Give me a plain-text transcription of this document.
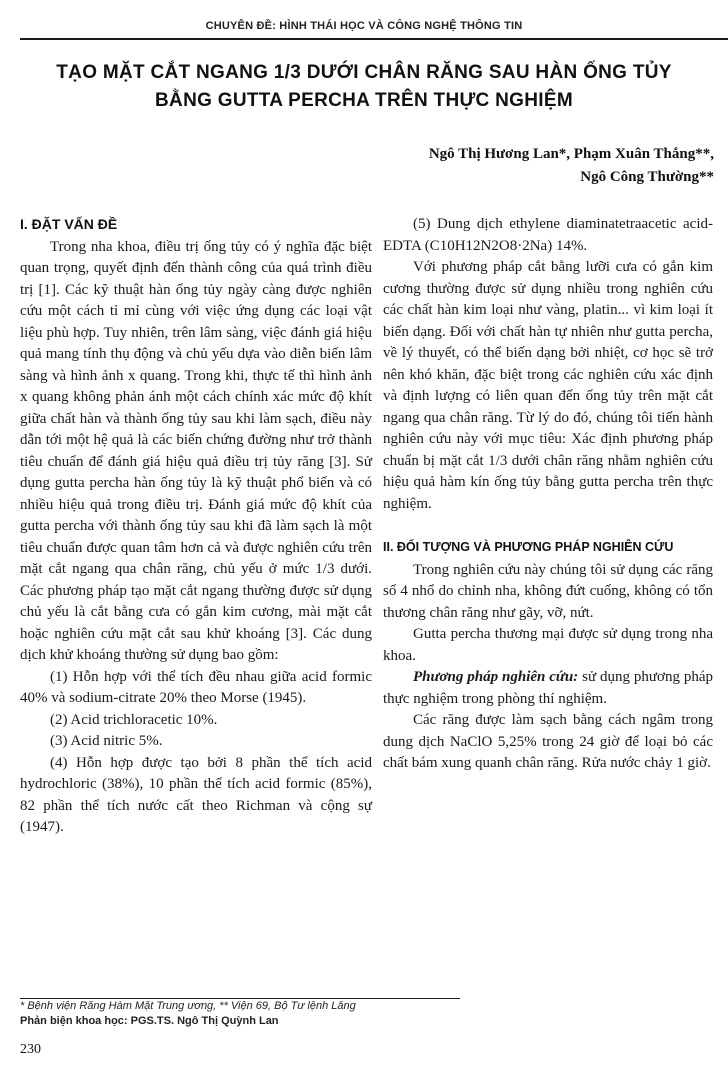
CHUYÊN ĐỀ: HÌNH THÁI HỌC VÀ CÔNG NGHỆ THÔNG TIN
TẠO MẶT CẮT NGANG 1/3 DƯỚI CHÂN RĂNG SAU HÀN ỐNG TỦY
BẰNG GUTTA PERCHA TRÊN THỰC NGHIỆM
Ngô Thị Hương Lan*, Phạm Xuân Thắng**,
Ngô Công Thường**
I. ĐẶT VẤN ĐỀ

Trong nha khoa, điều trị ống tủy có ý nghĩa đặc biệt quan trọng, quyết định đến thành công của quá trình điều trị [1]. Các kỹ thuật hàn ống tủy ngày càng được nghiên cứu một cách tỉ mỉ cùng với việc ứng dụng các loại vật liệu phù hợp. Tuy nhiên, trên lâm sàng, việc đánh giá hiệu quả mang tính thụ động và chủ yếu dựa vào diễn biến lâm sàng và hình ảnh x quang. Trong khi, thực tế thì hình ảnh x quang không phản ánh một cách chính xác mức độ khít giữa chất hàn và thành ống tủy sau khi làm sạch, điều này dẫn tới một hệ quả là các biến chứng đường như trở thành tiêu chuẩn để đánh giá hiệu quả điều trị tủy răng [3]. Sử dụng gutta percha hàn ống tủy là kỹ thuật phổ biến và có nhiều hiệu quả trong điều trị. Đánh giá mức độ khít của gutta percha với thành ống tủy sau khi đã làm sạch là một tiêu chuẩn được quan tâm hơn cả và được nghiên cứu trên mặt cắt ngang qua chân răng, chủ yếu ở mức 1/3 dưới. Các phương pháp tạo mặt cắt ngang thường được sử dụng chủ yếu là cắt bằng cưa có gắn kim cương, mài mặt cắt hoặc nghiên cứu mặt cắt sau khử khoáng [3]. Các dung dịch khử khoáng thường sử dụng bao gồm:

(1) Hỗn hợp với thể tích đều nhau giữa acid formic 40% và sodium-citrate 20% theo Morse (1945).

(2) Acid trichloracetic 10%.

(3) Acid nitric 5%.

(4) Hỗn hợp được tạo bởi 8 phần thể tích acid hydrochloric (38%), 10 phần thể tích acid formic (85%), 82 phần thể tích nước cất theo Richman và cộng sự (1947).

(5) Dung dịch ethylene diaminatetraacetic acid-EDTA (C10H12N2O8·2Na) 14%.

Với phương pháp cắt bằng lưỡi cưa có gắn kim cương thường được sử dụng nhiều trong nghiên cứu các chất hàn kim loại như vàng, platin... vì kim loại ít biến dạng. Đối với chất hàn tự nhiên như gutta percha, về lý thuyết, có thể biến dạng bởi nhiệt, cơ học sẽ trở nên khó khăn, đặc biệt trong các nghiên cứu xác định và định lượng có liên quan đến ống tủy trên mặt cắt ngang qua chân răng. Từ lý do đó, chúng tôi tiến hành nghiên cứu này với mục tiêu: Xác định phương pháp chuẩn bị mặt cắt 1/3 dưới chân răng nhằm nghiên cứu hiệu quả hàm kín ống tủy bằng gutta percha trên thực nghiệm.

II. ĐỐI TƯỢNG VÀ PHƯƠNG PHÁP NGHIÊN CỨU

Trong nghiên cứu này chúng tôi sử dụng các răng số 4 nhổ do chỉnh nha, không đứt cuống, không có tổn thương chân răng như gãy, vỡ, nứt.

Gutta percha thương mại được sử dụng trong nha khoa.

Phương pháp nghiên cứu: sử dụng phương pháp thực nghiệm trong phòng thí nghiệm.

Các răng được làm sạch bằng cách ngâm trong dung dịch NaClO 5,25% trong 24 giờ để loại bỏ các chất bám xung quanh chân răng. Rửa nước chảy 1 giờ.

* Bệnh viện Răng Hàm Mặt Trung ương, ** Viện 69, Bộ Tư lệnh Lăng
Phản biện khoa học: PGS.TS. Ngô Thị Quỳnh Lan
230
